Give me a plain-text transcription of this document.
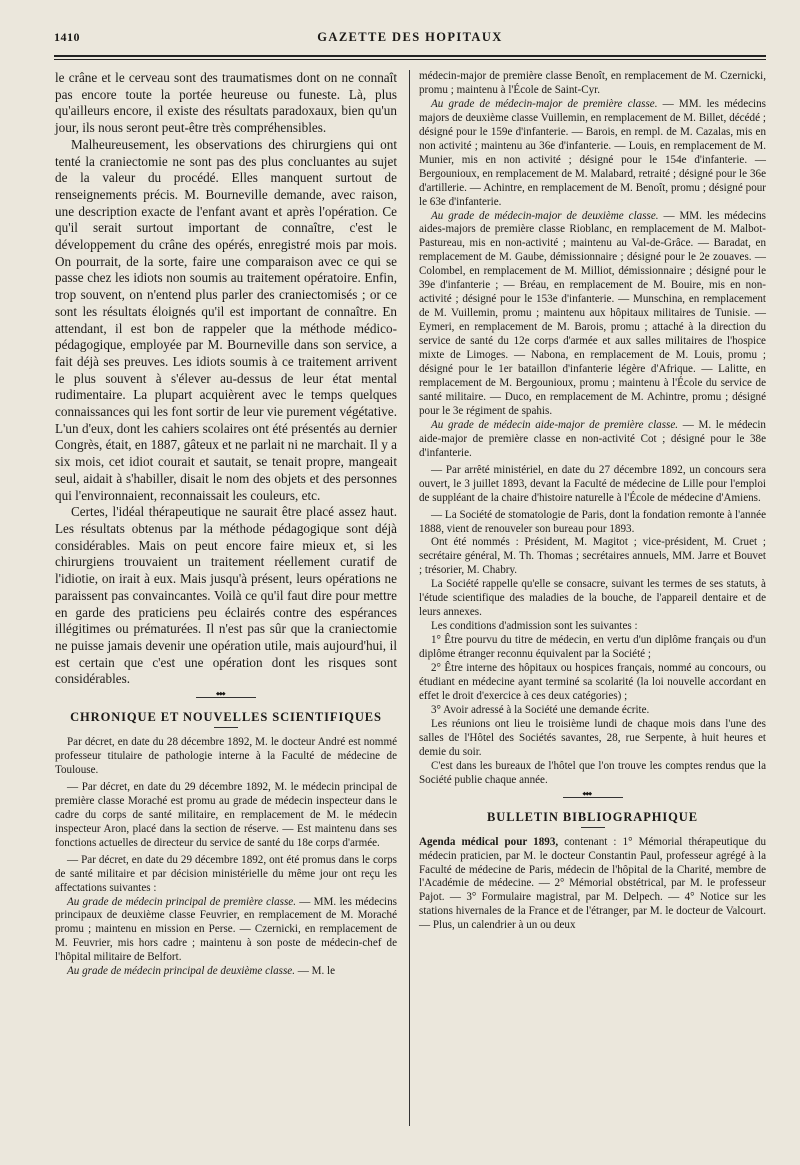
1410	GAZETTE DES HOPITAUX

le crâne et le cerveau sont des traumatismes dont on ne connaît pas encore toute la portée heureuse ou funeste. Là, plus qu'ailleurs encore, il existe des résultats paradoxaux, bien qu'un jour, ils nous seront peut-être très compréhensibles.

Malheureusement, les observations des chirurgiens qui ont tenté la craniectomie ne sont pas des plus concluantes au sujet de la valeur du procédé. Elles manquent surtout de renseignements précis. M. Bourneville demande, avec raison, une description exacte de l'enfant avant et après l'opération. Ce qu'il serait surtout important de connaître, c'est le développement du crâne des opérés, enregistré mois par mois. On pourrait, de la sorte, faire une comparaison avec ce qui se passe chez les idiots non soumis au traitement opératoire. Enfin, trop souvent, on n'entend plus parler des craniectomisés ; or ce sont les résultats éloignés qu'il est important de connaître. En attendant, il est bon de rappeler que la méthode médico-pédagogique, employée par M. Bourneville dans son service, a fait déjà ses preuves. Les idiots soumis à ce traitement arrivent le plus souvent à s'élever au-dessus de leur état mental rudimentaire. La plupart acquièrent avec le temps quelques connaissances qui les font sortir de leur vie purement végétative. L'un d'eux, dont les cahiers scolaires ont été présentés au dernier Congrès, était, en 1887, gâteux et ne parlait ni ne marchait. Il y a six mois, cet idiot courait et sautait, se tenait propre, mangeait seul, aidait à s'habiller, disait le nom des objets et des personnes qui l'environnaient, reconnaissait les couleurs, etc.

Certes, l'idéal thérapeutique ne saurait être placé assez haut. Les résultats obtenus par la méthode pédagogique sont déjà considérables. Mais on peut encore faire mieux et, si les chirurgiens trouvaient un traitement réellement curatif de l'idiotie, on irait à eux. Mais jusqu'à présent, leurs opérations ne paraissent pas convaincantes. Voilà ce qu'il faut dire pour mettre en garde des praticiens peu éclairés contre des espérances illégitimes ou prématurées. Il n'est pas sûr que la craniectomie ne puisse jamais devenir une opération utile, mais aujourd'hui, il est certain que c'est une opération dont les risques sont considérables.

◆◆◆
CHRONIQUE ET NOUVELLES SCIENTIFIQUES

Par décret, en date du 28 décembre 1892, M. le docteur André est nommé professeur titulaire de pathologie interne à la Faculté de médecine de Toulouse.

— Par décret, en date du 29 décembre 1892, M. le médecin principal de première classe Moraché est promu au grade de médecin inspecteur dans le cadre du corps de santé militaire, en remplacement de M. le médecin inspecteur Aron, placé dans la section de réserve. — Est maintenu dans ses fonctions actuelles de directeur du service de santé du 18e corps d'armée.

— Par décret, en date du 29 décembre 1892, ont été promus dans le corps de santé militaire et par décision ministérielle du même jour ont reçu les affectations suivantes :

Au grade de médecin principal de première classe. — MM. les médecins principaux de deuxième classe Feuvrier, en remplacement de M. Moraché promu ; maintenu en mission en Perse. — Czernicki, en remplacement de M. Feuvrier, mis hors cadre ; maintenu à son poste de médecin-chef de l'hôpital militaire de Belfort.

Au grade de médecin principal de deuxième classe. — M. le

médecin-major de première classe Benoît, en remplacement de M. Czernicki, promu ; maintenu à l'École de Saint-Cyr.

Au grade de médecin-major de première classe. — MM. les médecins majors de deuxième classe Vuillemin, en remplacement de M. Billet, décédé ; désigné pour le 159e d'infanterie. — Barois, en rempl. de M. Cazalas, mis en non activité ; maintenu au 36e d'infanterie. — Louis, en remplacement de M. Munier, mis en non activité ; désigné pour le 154e d'infanterie. — Bergounioux, en remplacement de M. Malabard, retraité ; désigné pour le 36e d'artillerie. — Achintre, en remplacement de M. Benoît, promu ; désigné pour le 63e d'infanterie.

Au grade de médecin-major de deuxième classe. — MM. les médecins aides-majors de première classe Rioblanc, en remplacement de M. Malbot-Pastureau, mis en non-activité ; maintenu au Val-de-Grâce. — Baradat, en remplacement de M. Gaube, démissionnaire ; désigné pour le 2e zouaves. — Colombel, en remplacement de M. Milliot, démissionnaire ; désigné pour le 39e d'infanterie ; — Bréau, en remplacement de M. Bouire, mis en non-activité ; désigné pour le 153e d'infanterie. — Munschina, en remplacement de M. Vuillemin, promu ; maintenu aux hôpitaux militaires de Tunisie. — Eymeri, en remplacement de M. Barois, promu ; attaché à la direction du service de santé du 12e corps d'armée et aux salles militaires de l'hospice mixte de Limoges. — Nabona, en remplacement de M. Louis, promu ; désigné pour le 1er bataillon d'infanterie légère d'Afrique. — Lalitte, en remplacement de M. Bergounioux, promu ; maintenu à l'École du service de santé militaire. — Duco, en remplacement de M. Achintre, promu ; désigné pour le 3e régiment de spahis.

Au grade de médecin aide-major de première classe. — M. le médecin aide-major de première classe en non-activité Cot ; désigné pour le 38e d'infanterie.

— Par arrêté ministériel, en date du 27 décembre 1892, un concours sera ouvert, le 3 juillet 1893, devant la Faculté de médecine de Lille pour l'emploi de suppléant de la chaire d'histoire naturelle à l'École de médecine d'Amiens.

— La Société de stomatologie de Paris, dont la fondation remonte à l'année 1888, vient de renouveler son bureau pour 1893.

Ont été nommés : Président, M. Magitot ; vice-président, M. Cruet ; secrétaire général, M. Th. Thomas ; secrétaires annuels, MM. Jarre et Bouvet ; trésorier, M. Chabry.

La Société rappelle qu'elle se consacre, suivant les termes de ses statuts, à l'étude scientifique des maladies de la bouche, de l'appareil dentaire et de leurs annexes.

Les conditions d'admission sont les suivantes :

1° Être pourvu du titre de médecin, en vertu d'un diplôme français ou d'un diplôme étranger reconnu équivalent par la Société ;

2° Être interne des hôpitaux ou hospices français, nommé au concours, ou étudiant en médecine ayant terminé sa scolarité (la loi nouvelle accordant en effet le droit d'exercice à ces deux catégories) ;

3° Avoir adressé à la Société une demande écrite.

Les réunions ont lieu le troisième lundi de chaque mois dans l'une des salles de l'Hôtel des Sociétés savantes, 28, rue Serpente, à huit heures et demie du soir.

C'est dans les bureaux de l'hôtel que l'on trouve les comptes rendus que la Société publie chaque année.

◆◆◆
BULLETIN BIBLIOGRAPHIQUE

Agenda médical pour 1893, contenant : 1° Mémorial thérapeutique du médecin praticien, par M. le docteur Constantin Paul, professeur agrégé à la Faculté de médecine de Paris, médecin de l'hôpital de la Charité, membre de l'Académie de médecine. — 2° Mémorial obstétrical, par M. le professeur Pajot. — 3° Formulaire magistral, par M. Delpech. — 4° Notice sur les stations hivernales de la France et de l'étranger, par M. le docteur de Valcourt. — Plus, un calendrier à un ou deux
